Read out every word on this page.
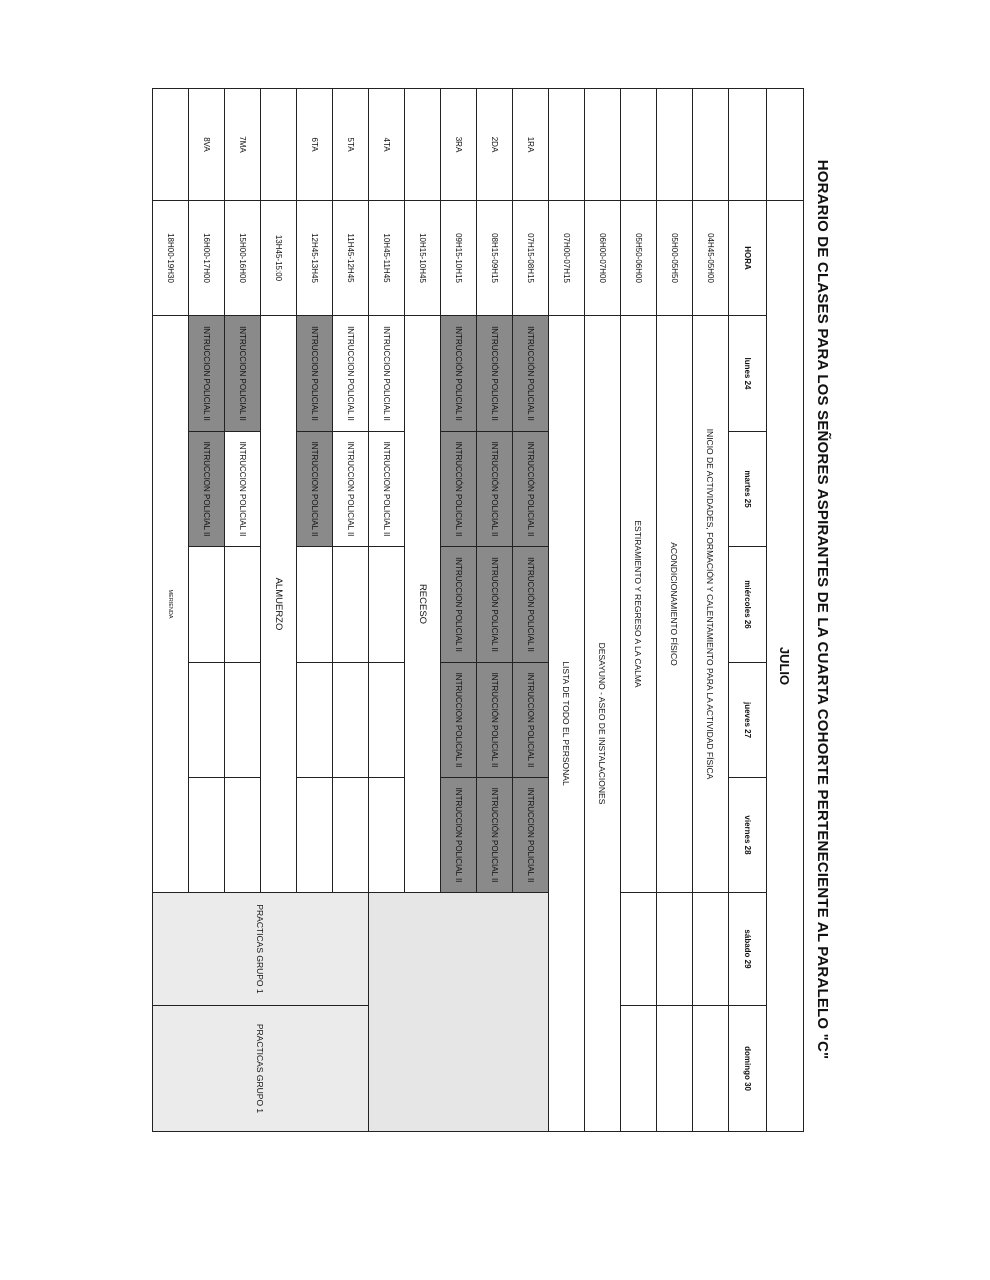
HORARIO DE CLASES PARA LOS SEÑORES ASPIRANTES DE LA CUARTA COHORTE PERTENECIENTE AL PARALELO "C"
	JULIO							
	HORA	lunes 24	martes 25	miércoles 26	jueves 27	viernes 28	sábado 29	domingo 30
	04H45-05H00	INICIO DE ACTIVIDADES, FORMACIÓN Y CALENTAMIENTO PARA LA ACTIVIDAD FÍSICA						
	05H00-05H50	ACONDICIONAMIENTO FÍSICO						
	05H50-06H00	ESTIRAMIENTO Y REGRESO A LA CALMA						
	06H00-07H00	DESAYUNO - ASEO DE INSTALACIONES						
	07H00-07H15	LISTA DE TODO EL PERSONAL						
1RA	07H15-08H15	INTRUCCIÓN POLICIAL II	INTRUCCIÓN POLICIAL II	INTRUCCIÓN POLICIAL II	INTRUCCION POLICIAL II	INTRUCCION POLICIAL II		
2DA	08H15-09H15	INTRUCCIÓN POLICIAL II	INTRUCCIÓN POLICIAL II	INTRUCCIÓN POLICIAL II	INTRUCCIÓN POLICIAL II	INTRUCCIÓN POLICIAL II		
3RA	09H15-10H15	INTRUCCIÓN POLICIAL II	INTRUCCIÓN POLICIAL II	INTRUCCION POLICIAL II	INTRUCCION POLICIAL II	INTRUCCION POLICIAL II		
	10H15-10H45	RECESO						
4TA	10H45-11H45	INTRUCCION POLICIAL II	INTRUCCION POLICIAL II					
5TA	11H45-12H45	INTRUCCION POLICIAL II	INTRUCCION POLICIAL II				PRACTICAS GRUPO 1	PRACTICAS GRUPO 1
6TA	12H45-13H45	INTRUCCION POLICIAL II	INTRUCCION POLICIAL II					
	13H45-15:00	ALMUERZO						
7MA	15H00-16H00	INTRUCCION POLICIAL II	INTRUCCION POLICIAL II					
8VA	16H00-17H00	INTRUCCION POLICIAL II	INTRUCCION POLICIAL II					
	18H00-19H30	MERIENDA						
